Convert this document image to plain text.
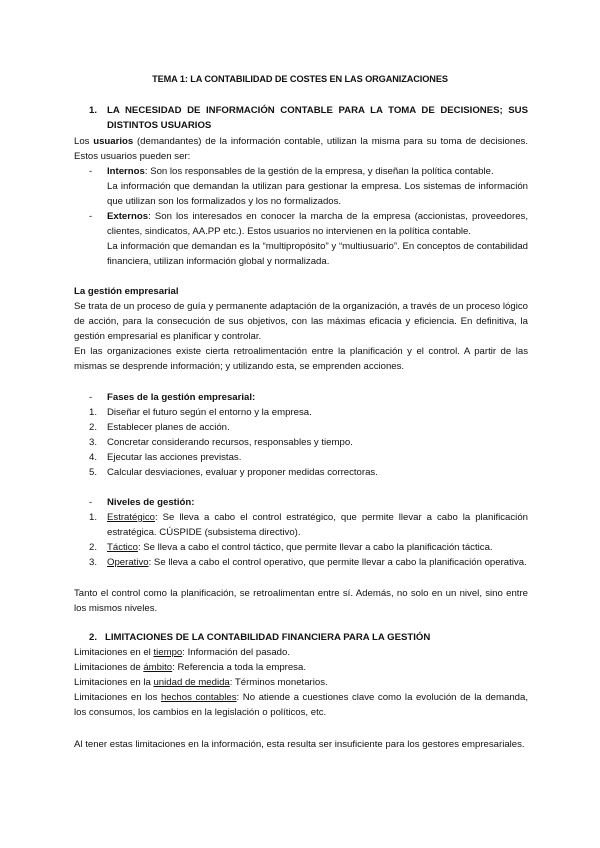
TEMA 1: LA CONTABILIDAD DE COSTES EN LAS ORGANIZACIONES
1. LA NECESIDAD DE INFORMACIÓN CONTABLE PARA LA TOMA DE DECISIONES; SUS DISTINTOS USUARIOS

Los usuarios (demandantes) de la información contable, utilizan la misma para su toma de decisiones. Estos usuarios pueden ser:

- Internos: Son los responsables de la gestión de la empresa, y diseñan la política contable.

La información que demandan la utilizan para gestionar la empresa. Los sistemas de información que utilizan son los formalizados y los no formalizados.

- Externos: Son los interesados en conocer la marcha de la empresa (accionistas, proveedores, clientes, sindicatos, AA.PP etc.). Estos usuarios no intervienen en la política contable.

La información que demandan es la “multipropósito” y “multiusuario”. En conceptos de contabilidad financiera, utilizan información global y normalizada.

La gestión empresarial

Se trata de un proceso de guía y permanente adaptación de la organización, a través de un proceso lógico de acción, para la consecución de sus objetivos, con las máximas eficacia y eficiencia. En definitiva, la gestión empresarial es planificar y controlar.

En las organizaciones existe cierta retroalimentación entre la planificación y el control. A partir de las mismas se desprende información; y utilizando esta, se emprenden acciones.

- Fases de la gestión empresarial:
1. Diseñar el futuro según el entorno y la empresa.
2. Establecer planes de acción.
3. Concretar considerando recursos, responsables y tiempo.
4. Ejecutar las acciones previstas.
5. Calcular desviaciones, evaluar y proponer medidas correctoras.
- Niveles de gestión:
1. Estratégico: Se lleva a cabo el control estratégico, que permite llevar a cabo la planificación estratégica. CÚSPIDE (subsistema directivo).
2. Táctico: Se lleva a cabo el control táctico, que permite llevar a cabo la planificación táctica.
3. Operativo: Se lleva a cabo el control operativo, que permite llevar a cabo la planificación operativa.

Tanto el control como la planificación, se retroalimentan entre sí. Además, no solo en un nivel, sino entre los mismos niveles.

2. LIMITACIONES DE LA CONTABILIDAD FINANCIERA PARA LA GESTIÓN
Limitaciones en el tiempo: Información del pasado.
Limitaciones de ámbito: Referencia a toda la empresa.
Limitaciones en la unidad de medida: Términos monetarios.
Limitaciones en los hechos contables: No atiende a cuestiones clave como la evolución de la demanda, los consumos, los cambios en la legislación o políticos, etc.

Al tener estas limitaciones en la información, esta resulta ser insuficiente para los gestores empresariales.
